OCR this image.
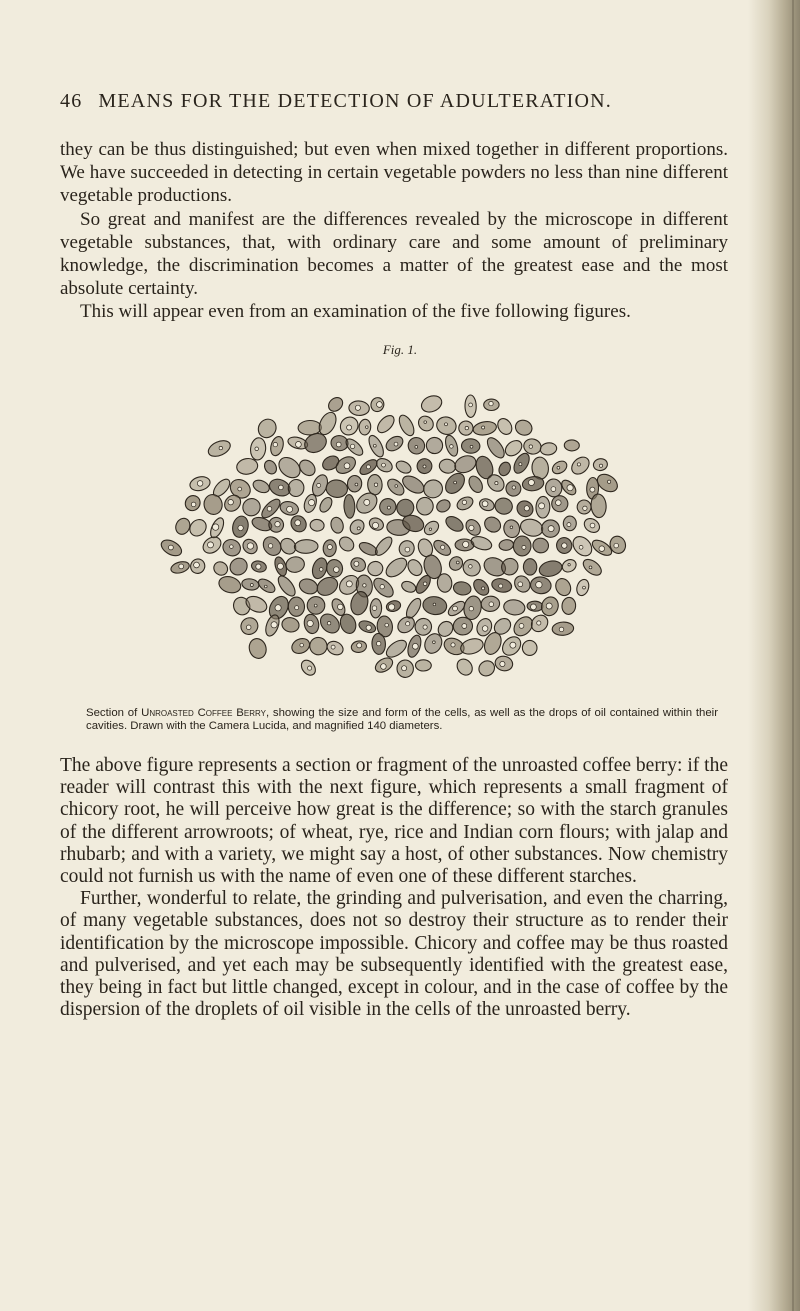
46 MEANS FOR THE DETECTION OF ADULTERATION.

they can be thus distinguished; but even when mixed together in different proportions. We have succeeded in detecting in certain vegetable powders no less than nine different vegetable productions.
So great and manifest are the differences revealed by the microscope in different vegetable substances, that, with ordinary care and some amount of preliminary knowledge, the discrimination becomes a matter of the greatest ease and the most absolute certainty.
This will appear even from an examination of the five following figures.

Fig. 1.

Section of Unroasted Coffee Berry, showing the size and form of the cells, as well as the drops of oil contained within their cavities. Drawn with the Camera Lucida, and magnified 140 diameters.

The above figure represents a section or fragment of the unroasted coffee berry: if the reader will contrast this with the next figure, which represents a small fragment of chicory root, he will perceive how great is the difference; so with the starch granules of the different arrowroots; of wheat, rye, rice and Indian corn flours; with jalap and rhubarb; and with a variety, we might say a host, of other substances. Now chemistry could not furnish us with the name of even one of these different starches.
Further, wonderful to relate, the grinding and pulverisation, and even the charring, of many vegetable substances, does not so destroy their structure as to render their identification by the microscope impossible. Chicory and coffee may be thus roasted and pulverised, and yet each may be subsequently identified with the greatest ease, they being in fact but little changed, except in colour, and in the case of coffee by the dispersion of the droplets of oil visible in the cells of the unroasted berry.
